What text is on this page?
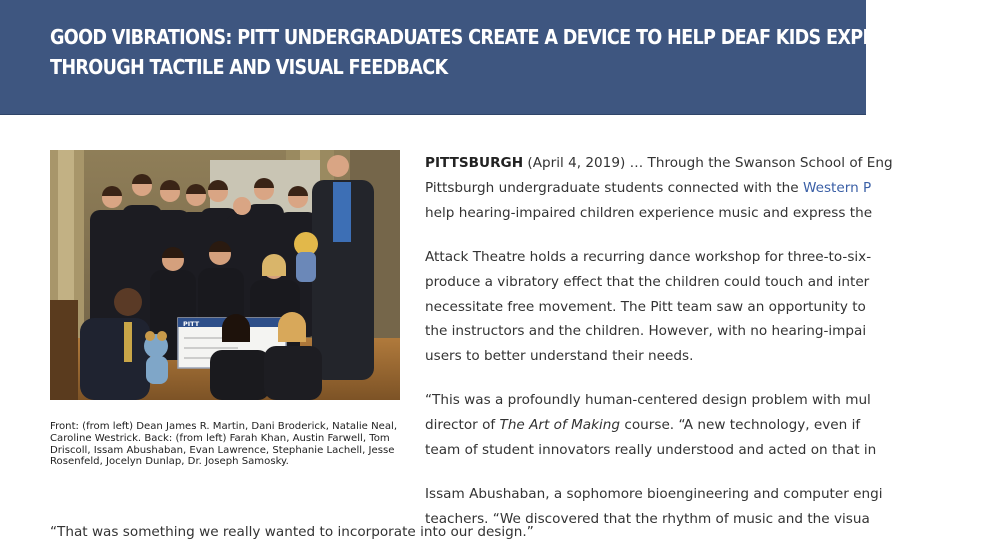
GOOD VIBRATIONS: PITT UNDERGRADUATES CREATE A DEVICE TO HELP DEAF KIDS EXPERIENCE MUSIC
THROUGH TACTILE AND VISUAL FEEDBACK
PITT

Front: (from left) Dean James R. Martin, Dani Broderick, Natalie Neal, Caroline Westrick. Back: (from left) Farah Khan, Austin Farwell, Tom Driscoll, Issam Abushaban, Evan Lawrence, Stephanie Lachell, Jesse Rosenfeld, Jocelyn Dunlap, Dr. Joseph Samosky.

PITTSBURGH (April 4, 2019) … Through the Swanson School of Eng
Pittsburgh undergraduate students connected with the Western P
help hearing-impaired children experience music and express the

Attack Theatre holds a recurring dance workshop for three-to-six-
produce a vibratory effect that the children could touch and inter
necessitate free movement. The Pitt team saw an opportunity to
the instructors and the children. However, with no hearing-impai
users to better understand their needs.

“This was a profoundly human-centered design problem with mul
director of The Art of Making course. “A new technology, even if
team of student innovators really understood and acted on that in

Issam Abushaban, a sophomore bioengineering and computer engi
teachers. “We discovered that the rhythm of music and the visua

“That was something we really wanted to incorporate into our design.”
